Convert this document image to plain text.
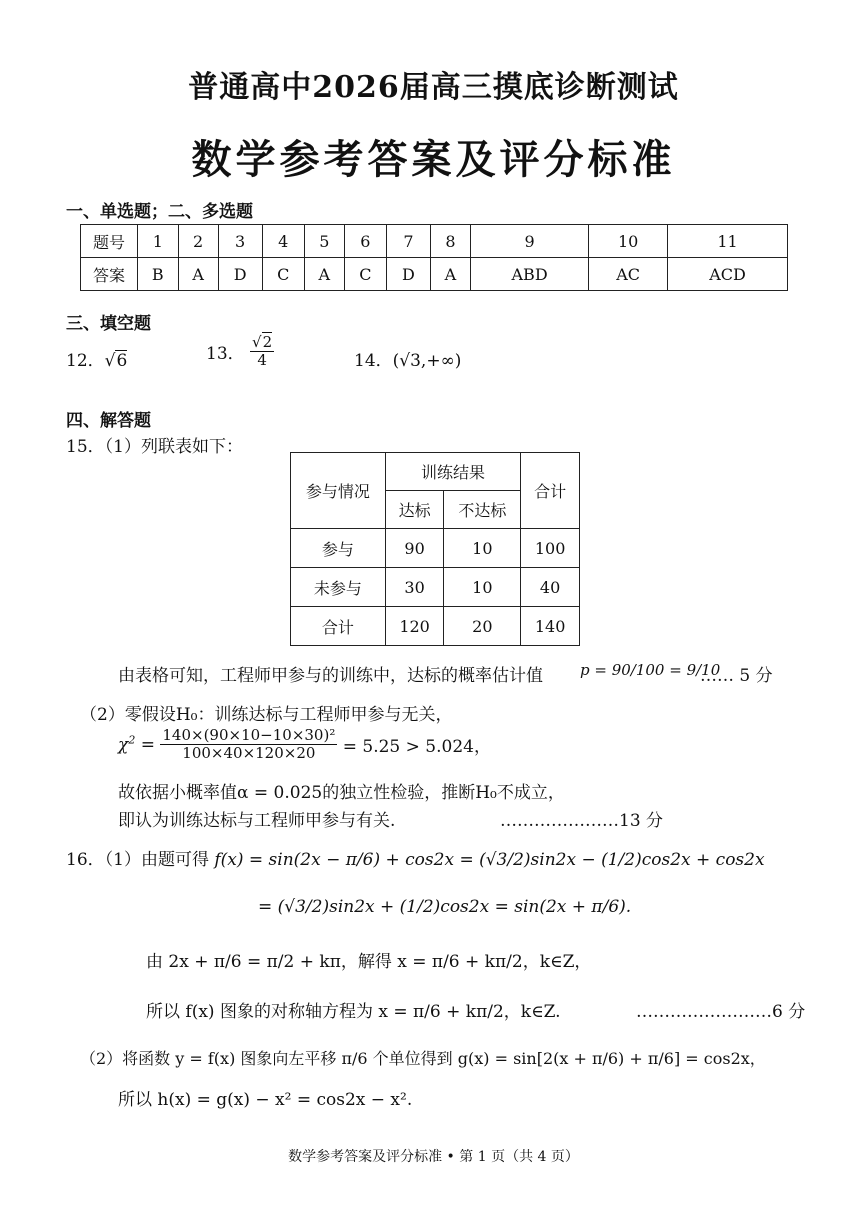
普通高中2026届高三摸底诊断测试
数学参考答案及评分标准
一、单选题；二、多选题
题号	1	2	3	4	5	6	7	8	9	10	11
答案	B	A	D	C	A	C	D	A	ABD	AC	ACD
三、填空题
12．√6	13． $\frac{√2}{4}$	14．(√3,+∞)
四、解答题
15．（1）列联表如下：
参与情况	训练结果		合计
	达标	不达标	
参与	90	10	100
未参与	30	10	40
合计	120	20	140
由表格可知，工程师甲参与的训练中，达标的概率估计值 p = 90/100 = 9/10
…… 5 分
（2）零假设H₀：训练达标与工程师甲参与无关，
$\chi^2 = \frac{\text{140×(90×10−10×30)²}}{100\times 40\times 120\times 20} = 5.25 > 5.024$，
故依据小概率值α = 0.025的独立性检验，推断H₀不成立，
即认为训练达标与工程师甲参与有关.	…………………13 分
16．（1）由题可得 f(x) = sin(2x − π/6) + cos2x = (√3/2)sin2x − (1/2)cos2x + cos2x
= (√3/2)sin2x + (1/2)cos2x = sin(2x + π/6).
由 2x + π/6 = π/2 + kπ，解得 x = π/6 + kπ/2，k∈Z，
所以 f(x) 图象的对称轴方程为 x = π/6 + kπ/2，k∈Z.	……………………6 分
（2）将函数 y = f(x) 图象向左平移 π/6 个单位得到 g(x) = sin[2(x + π/6) + π/6] = cos2x，
所以 h(x) = g(x) − x² = cos2x − x².
数学参考答案及评分标准 • 第 1 页（共 4 页）
